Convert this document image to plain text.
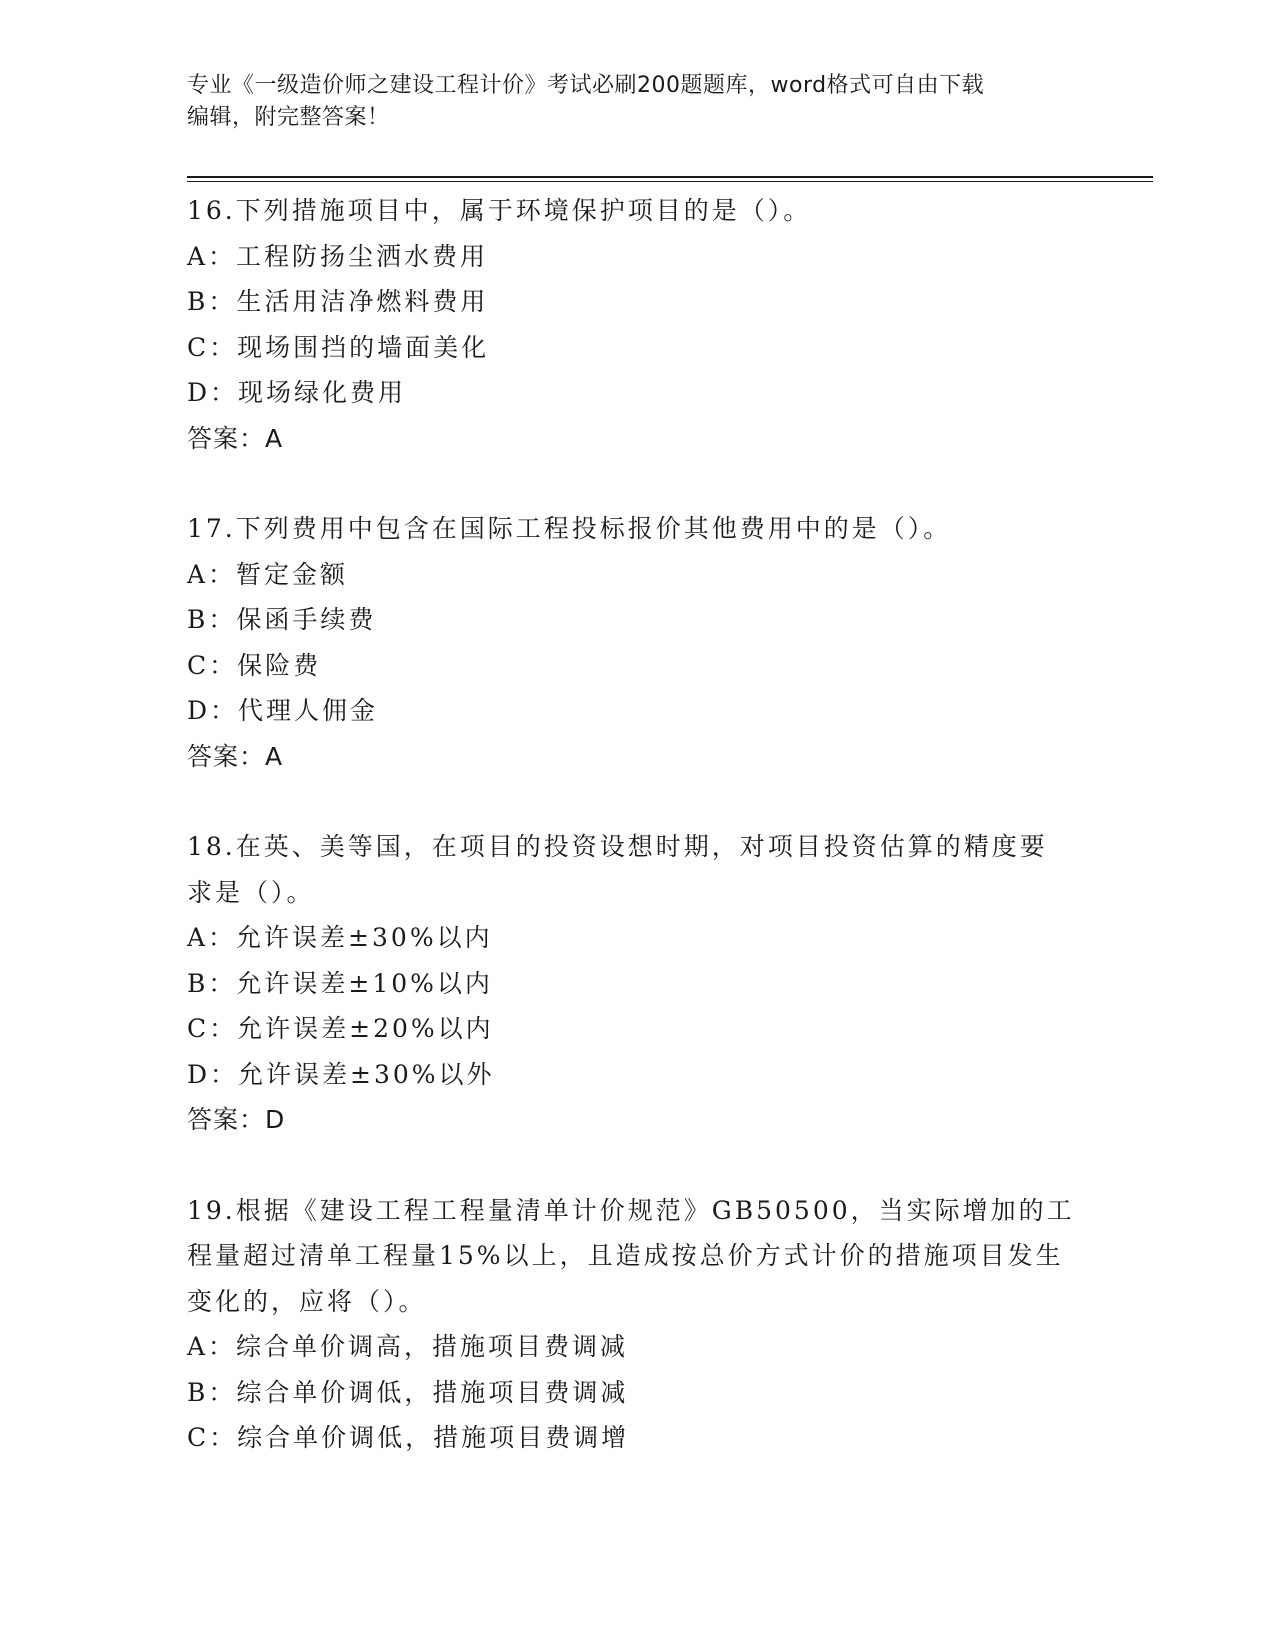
专业《一级造价师之建设工程计价》考试必刷200题题库，word格式可自由下载

编辑，附完整答案！

16.下列措施项目中，属于环境保护项目的是（）。

A：工程防扬尘洒水费用

B：生活用洁净燃料费用

C：现场围挡的墙面美化

D：现场绿化费用

答案：A

17.下列费用中包含在国际工程投标报价其他费用中的是（）。

A：暂定金额

B：保函手续费

C：保险费

D：代理人佣金

答案：A

18.在英、美等国，在项目的投资设想时期，对项目投资估算的精度要

求是（）。

A：允许误差±30%以内

B：允许误差±10%以内

C：允许误差±20%以内

D：允许误差±30%以外

答案：D

19.根据《建设工程工程量清单计价规范》GB50500，当实际增加的工

程量超过清单工程量15%以上，且造成按总价方式计价的措施项目发生

变化的，应将（）。

A：综合单价调高，措施项目费调减

B：综合单价调低，措施项目费调减

C：综合单价调低，措施项目费调增
